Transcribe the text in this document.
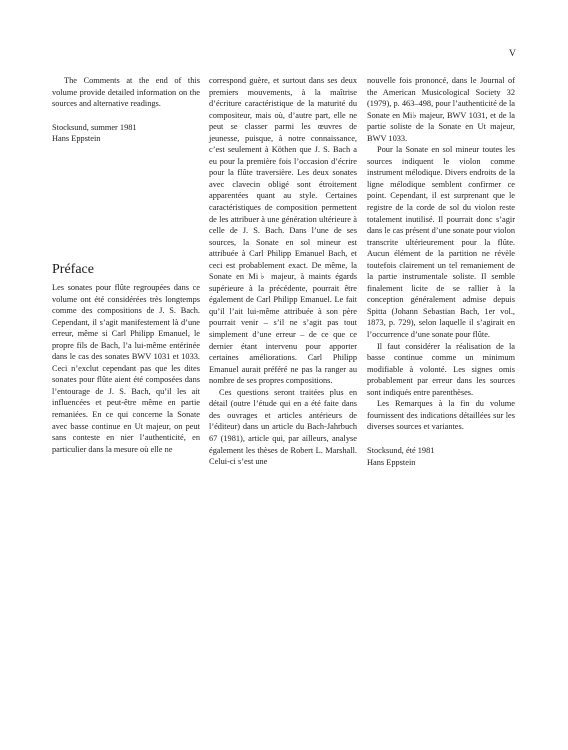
V

The Comments at the end of this volume provide detailed information on the sources and alternative readings.

Stocksund, summer 1981

Hans Eppstein

Préface

Les sonates pour flûte regroupées dans ce volume ont été considérées très longtemps comme des compositions de J. S. Bach. Cependant, il s’agit manifestement là d’une erreur, même si Carl Philipp Emanuel, le propre fils de Bach, l’a lui-même entérinée dans le cas des sonates BWV 1031 et 1033. Ceci n’exclut cependant pas que les dites sonates pour flûte aient été composées dans l’entourage de J. S. Bach, qu’il les ait influencées et peut-être même en partie remaniées. En ce qui concerne la Sonate avec basse continue en Ut majeur, on peut sans conteste en nier l’authenticité, en particulier dans la mesure où elle ne

correspond guère, et surtout dans ses deux premiers mouvements, à la maîtrise d’écriture caractéristique de la maturité du compositeur, mais où, d’autre part, elle ne peut se classer parmi les œuvres de jeunesse, puisque, à notre connaissance, c’est seulement à Köthen que J. S. Bach a eu pour la première fois l’occasion d’écrire pour la flûte traversière. Les deux sonates avec clavecin obligé sont étroitement apparentées quant au style. Certaines caractéristiques de composition permettent de les attribuer à une génération ultérieure à celle de J. S. Bach. Dans l’une de ses sources, la Sonate en sol mineur est attribuée à Carl Philipp Emanuel Bach, et ceci est probablement exact. De même, la Sonate en Mi♭ majeur, à maints égards supérieure à la précédente, pourrait être également de Carl Philipp Emanuel. Le fait qu’il l’ait lui-même attribuée à son père pourrait venir – s’il ne s’agit pas tout simplement d’une erreur – de ce que ce dernier étant intervenu pour apporter certaines améliorations. Carl Philipp Emanuel aurait préféré ne pas la ranger au nombre de ses propres compositions.

Ces questions seront traitées plus en détail (outre l’étude qui en a été faite dans des ouvrages et articles antérieurs de l’éditeur) dans un article du Bach-Jahrbuch 67 (1981), article qui, par ailleurs, analyse également les thèses de Robert L. Marshall. Celui-ci s’est une

nouvelle fois prononcé, dans le Journal of the American Musicological Society 32 (1979), p. 463–498, pour l’authenticité de la Sonate en Mi♭ majeur, BWV 1031, et de la partie soliste de la Sonate en Ut majeur, BWV 1033.

Pour la Sonate en sol mineur toutes les sources indiquent le violon comme instrument mélodique. Divers endroits de la ligne mélodique semblent confirmer ce point. Cependant, il est surprenant que le registre de la corde de sol du violon reste totalement inutilisé. Il pourrait donc s’agir dans le cas présent d’une sonate pour violon transcrite ultérieurement pour la flûte. Aucun élément de la partition ne révèle toutefois clairement un tel remaniement de la partie instrumentale soliste. Il semble finalement licite de se rallier à la conception généralement admise depuis Spitta (Johann Sebastian Bach, 1er vol., 1873, p. 729), selon laquelle il s’agirait en l’occurrence d’une sonate pour flûte.

Il faut considérer la réalisation de la basse continue comme un minimum modifiable à volonté. Les signes omis probablement par erreur dans les sources sont indiqués entre parenthèses.

Les Remarques à la fin du volume fournissent des indications détaillées sur les diverses sources et variantes.

Stocksund, été 1981

Hans Eppstein
